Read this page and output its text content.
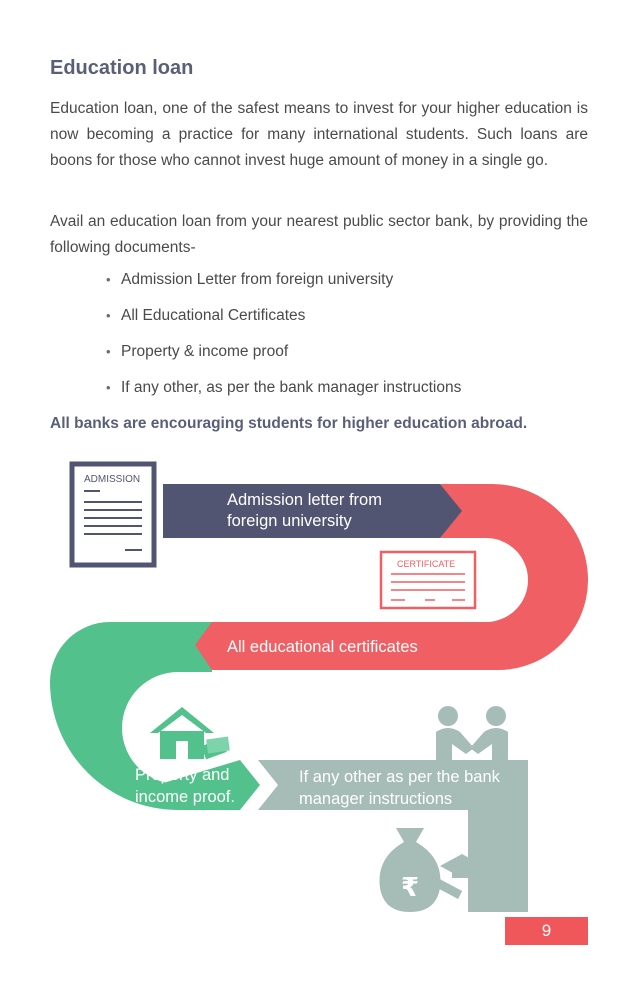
Education loan

Education loan, one of the safest means to invest for your higher education is now becoming a practice for many international students. Such loans are boons for those who cannot invest huge amount of money in a single go.

Avail an education loan from your nearest public sector bank, by providing the following documents-

• Admission Letter from foreign university
• All Educational Certificates
• Property & income proof
• If any other, as per the bank manager instructions

All banks are encouraging students for higher education abroad.

ADMISSION
CERTIFICATE
₹
Admission letter from
foreign university
All educational certificates
Property and
income proof.
If any other as per the bank
manager instructions
9
